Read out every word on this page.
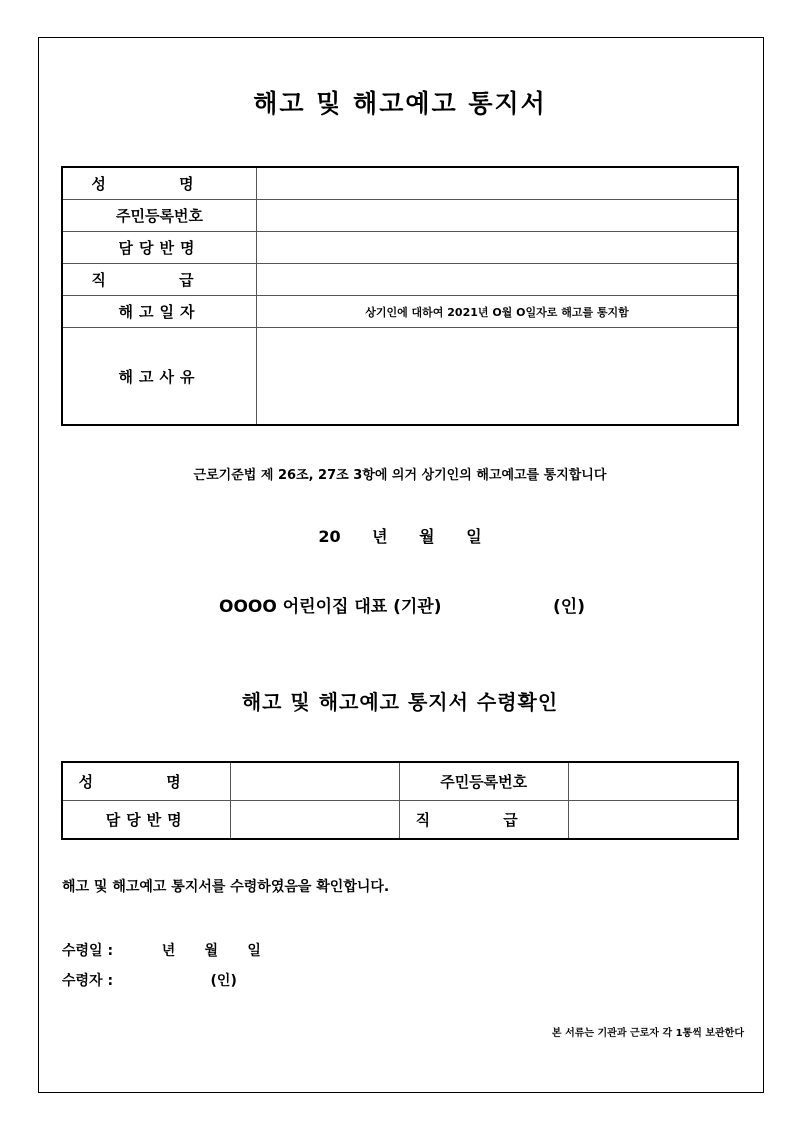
해고 및 해고예고 통지서
성 명	
주민등록번호	
담당반명	
직 급	
해고일자	상기인에 대하여 2021년 O월 O일자로 해고를 통지함
해고사유	
근로기준법 제 26조, 27조 3항에 의거 상기인의 해고예고를 통지합니다
20 년 월 일
OOOO 어린이집 대표 (기관)	(인)
해고 및 해고예고 통지서 수령확인
성 명		주민등록번호	
담당반명		직 급	
해고 및 해고예고 통지서를 수령하였음을 확인합니다.
수령일 :          년      월      일
수령자 :                    (인)
본 서류는 기관과 근로자 각 1통씩 보관한다
